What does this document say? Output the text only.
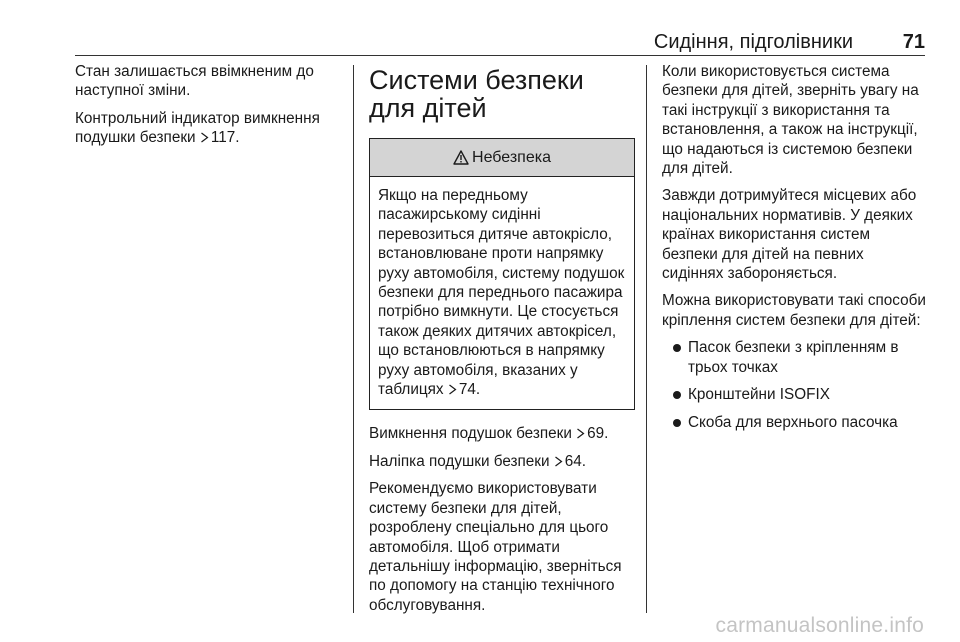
Сидіння, підголівники 71

Стан залишається ввімкненим до наступної зміни.

Контрольний індикатор вимкнення подушки безпеки 117.

Системи безпеки для дітей
Небезпека

Якщо на передньому пасажирському сидінні перевозиться дитяче автокрісло, встановлюване проти напрямку руху автомобіля, систему подушок безпеки для переднього пасажира потрібно вимкнути. Це стосується також деяких дитячих автокрісел, що встановлюються в напрямку руху автомобіля, вказаних у таблицях 74.

Вимкнення подушок безпеки 69.

Наліпка подушки безпеки 64.

Рекомендуємо використовувати систему безпеки для дітей, розроблену спеціально для цього автомобіля. Щоб отримати детальнішу інформацію, зверніться по допомогу на станцію технічного обслуговування.

Коли використовується система безпеки для дітей, зверніть увагу на такі інструкції з використання та встановлення, а також на інструкції, що надаються із системою безпеки для дітей.

Завжди дотримуйтеся місцевих або національних нормативів. У деяких країнах використання систем безпеки для дітей на певних сидіннях забороняється.

Можна використовувати такі способи кріплення систем безпеки для дітей:

Пасок безпеки з кріпленням в трьох точках
Кронштейни ISOFIX
Скоба для верхнього пасочка
carmanualsonline.info
